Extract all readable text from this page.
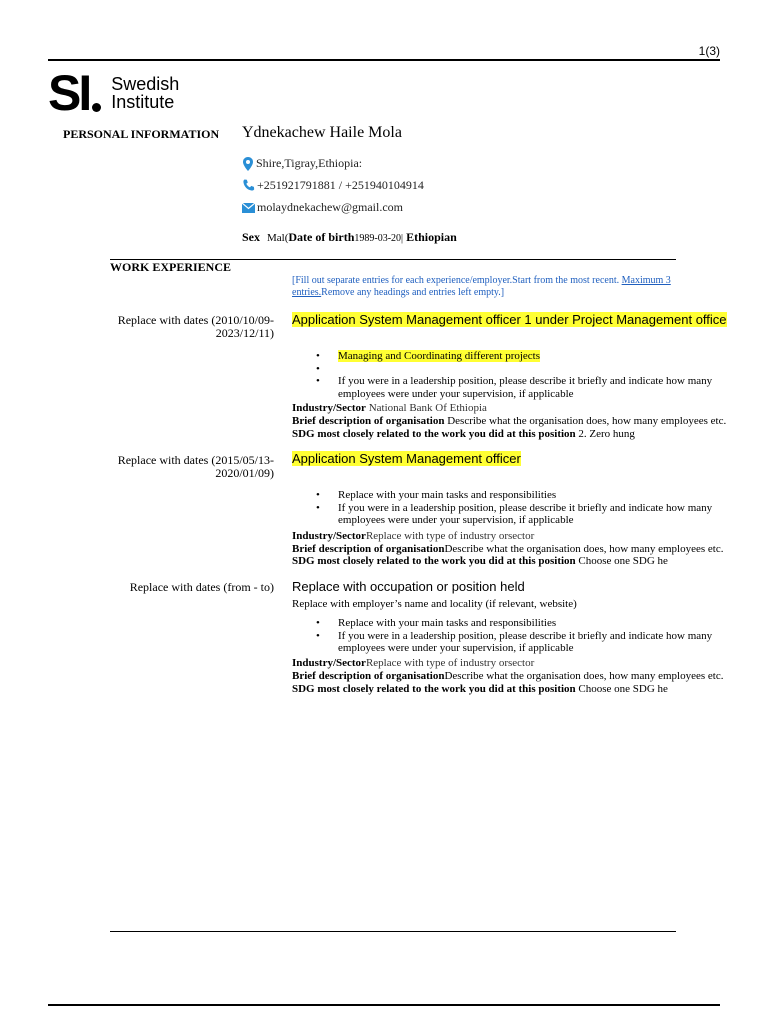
1(3)
SI Swedish
Institute
PERSONAL INFORMATION Ydnekachew Haile Mola
Shire,Tigray,Ethiopia:
+251921791881 / +251940104914
molaydnekachew@gmail.com
Sex Mal(Date of birth1989-03-20| Ethiopian
WORK EXPERIENCE
[Fill out separate entries for each experience/employer.Start from the most recent. Maximum 3 entries.Remove any headings and entries left empty.]
Replace with dates (2010/10/09-
2023/12/11)
Application System Management officer 1 under Project Management office
• Managing and Coordinating different projects
•
• If you were in a leadership position, please describe it briefly and indicate how many employees were under your supervision, if applicable
Industry/Sector National Bank Of Ethiopia
Brief description of organisation Describe what the organisation does, how many employees etc.
SDG most closely related to the work you did at this position 2. Zero hung
Replace with dates (2015/05/13-
2020/01/09)
Application System Management officer
• Replace with your main tasks and responsibilities
• If you were in a leadership position, please describe it briefly and indicate how many employees were under your supervision, if applicable
Industry/SectorReplace with type of industry orsector
Brief description of organisationDescribe what the organisation does, how many employees etc.
SDG most closely related to the work you did at this position Choose one SDG he
Replace with dates (from - to) Replace with occupation or position held
Replace with employer’s name and locality (if relevant, website)
• Replace with your main tasks and responsibilities
• If you were in a leadership position, please describe it briefly and indicate how many employees were under your supervision, if applicable
Industry/SectorReplace with type of industry orsector
Brief description of organisationDescribe what the organisation does, how many employees etc.
SDG most closely related to the work you did at this position Choose one SDG he
